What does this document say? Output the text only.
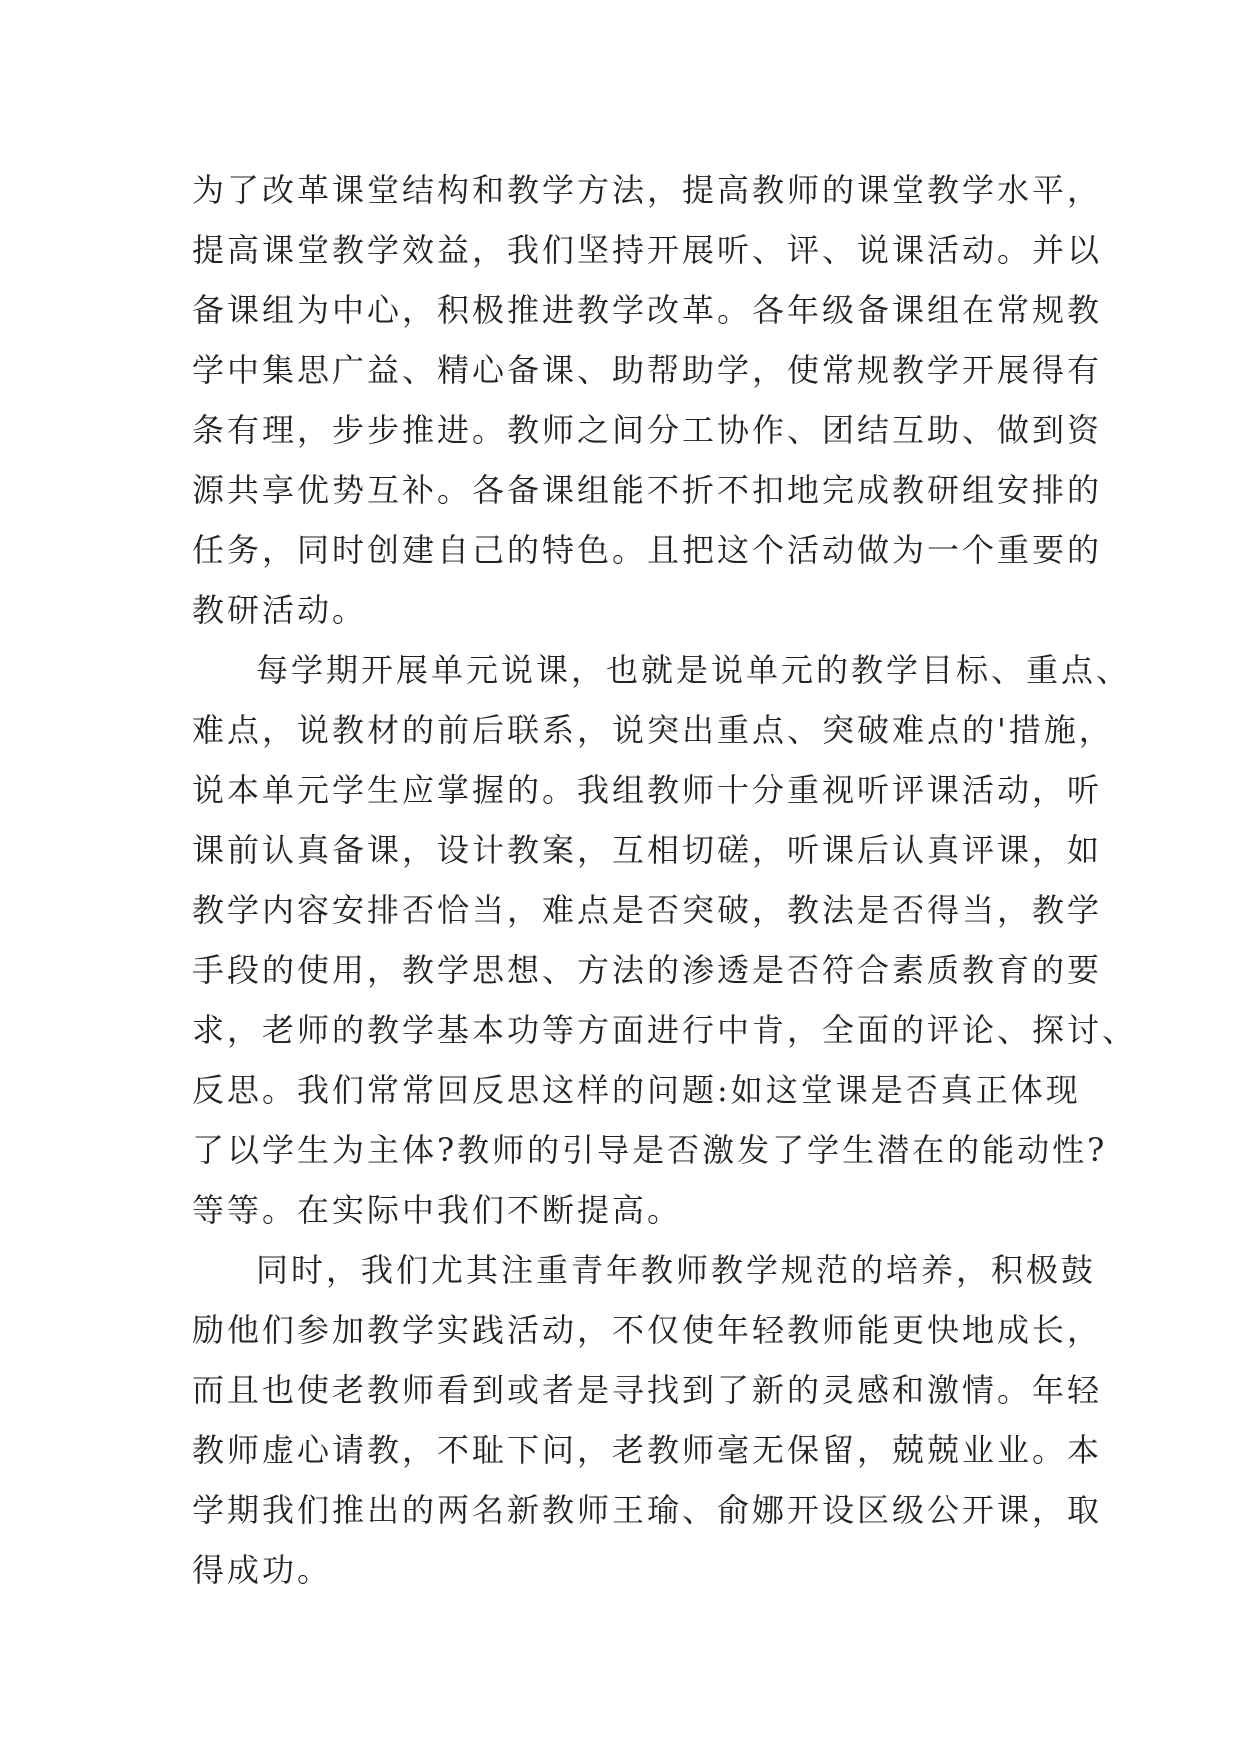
为了改革课堂结构和教学方法，提高教师的课堂教学水平，
提高课堂教学效益，我们坚持开展听、评、说课活动。并以
备课组为中心，积极推进教学改革。各年级备课组在常规教
学中集思广益、精心备课、助帮助学，使常规教学开展得有
条有理，步步推进。教师之间分工协作、团结互助、做到资
源共享优势互补。各备课组能不折不扣地完成教研组安排的
任务，同时创建自己的特色。且把这个活动做为一个重要的
教研活动。
每学期开展单元说课，也就是说单元的教学目标、重点、
难点，说教材的前后联系，说突出重点、突破难点的'措施，
说本单元学生应掌握的。我组教师十分重视听评课活动，听
课前认真备课，设计教案，互相切磋，听课后认真评课，如
教学内容安排否恰当，难点是否突破，教法是否得当，教学
手段的使用，教学思想、方法的渗透是否符合素质教育的要
求，老师的教学基本功等方面进行中肯，全面的评论、探讨、
反思。我们常常回反思这样的问题:如这堂课是否真正体现
了以学生为主体?教师的引导是否激发了学生潜在的能动性?
等等。在实际中我们不断提高。
同时，我们尤其注重青年教师教学规范的培养，积极鼓
励他们参加教学实践活动，不仅使年轻教师能更快地成长，
而且也使老教师看到或者是寻找到了新的灵感和激情。年轻
教师虚心请教，不耻下问，老教师毫无保留，兢兢业业。本
学期我们推出的两名新教师王瑜、俞娜开设区级公开课，取
得成功。
